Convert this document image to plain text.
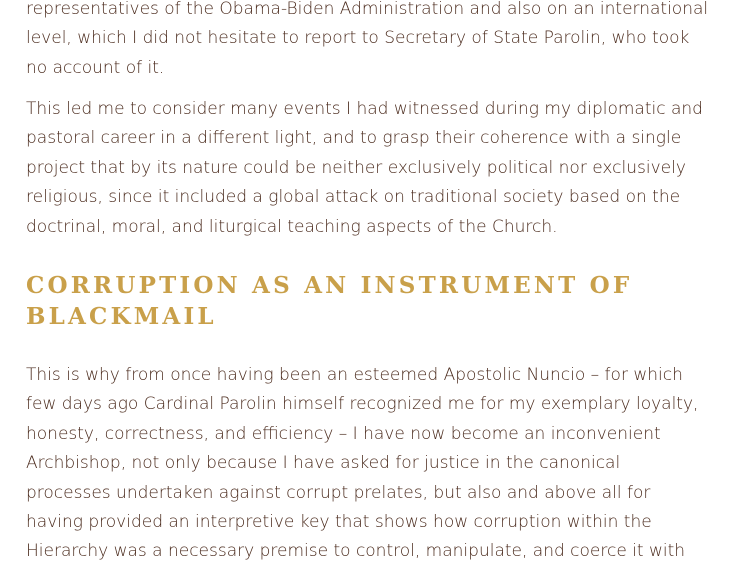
representatives of the Obama-Biden Administration and also on an international
level, which I did not hesitate to report to Secretary of State Parolin, who took
no account of it.

This led me to consider many events I had witnessed during my diplomatic and
pastoral career in a different light, and to grasp their coherence with a single
project that by its nature could be neither exclusively political nor exclusively
religious, since it included a global attack on traditional society based on the
doctrinal, moral, and liturgical teaching aspects of the Church.

CORRUPTION AS AN INSTRUMENT OF
BLACKMAIL

This is why from once having been an esteemed Apostolic Nuncio – for which
few days ago Cardinal Parolin himself recognized me for my exemplary loyalty,
honesty, correctness, and efficiency – I have now become an inconvenient
Archbishop, not only because I have asked for justice in the canonical
processes undertaken against corrupt prelates, but also and above all for
having provided an interpretive key that shows how corruption within the
Hierarchy was a necessary premise to control, manipulate, and coerce it with
